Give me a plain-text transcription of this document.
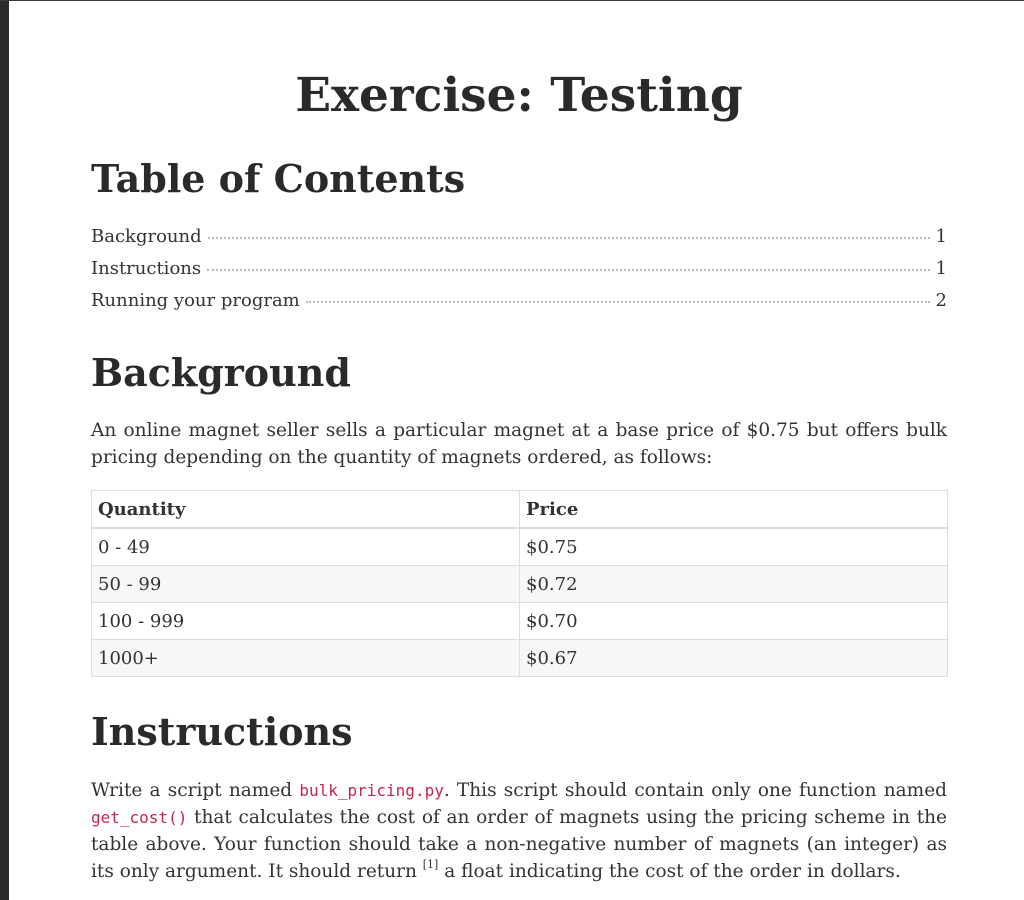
Exercise: Testing
Table of Contents
Background	1
Instructions	1
Running your program	2
Background

An online magnet seller sells a particular magnet at a base price of $0.75 but offers bulk pricing depending on the quantity of magnets ordered, as follows:

Quantity	Price
0 - 49	$0.75
50 - 99	$0.72
100 - 999	$0.70
1000+	$0.67
Instructions

Write a script named bulk_pricing.py. This script should contain only one function named get_cost() that calculates the cost of an order of magnets using the pricing scheme in the table above. Your function should take a non-negative number of magnets (an integer) as its only argument. It should return [1] a float indicating the cost of the order in dollars.
